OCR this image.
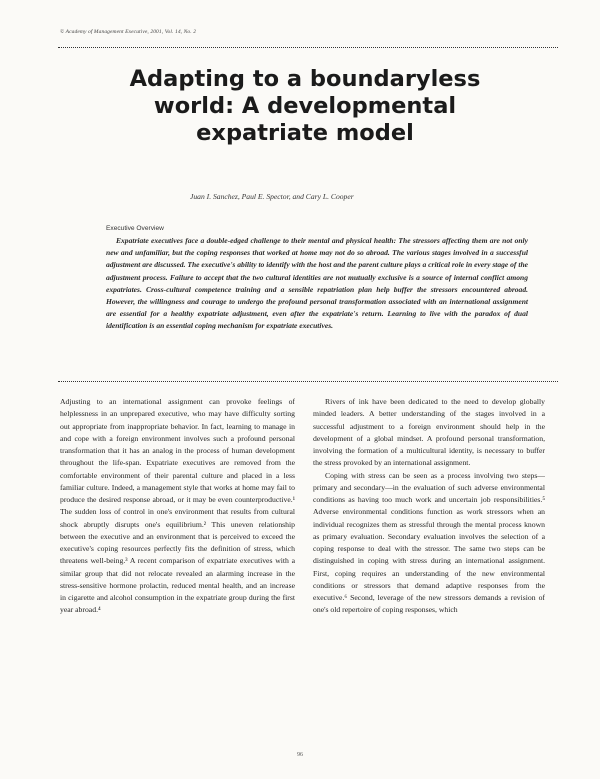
© Academy of Management Executive, 2001, Vol. 14, No. 2
Adapting to a boundaryless
world: A developmental
expatriate model
Juan I. Sanchez, Paul E. Spector, and Cary L. Cooper
Executive Overview
Expatriate executives face a double-edged challenge to their mental and physical health: The stressors affecting them are not only new and unfamiliar, but the coping responses that worked at home may not do so abroad. The various stages involved in a successful adjustment are discussed. The executive's ability to identify with the host and the parent culture plays a critical role in every stage of the adjustment process. Failure to accept that the two cultural identities are not mutually exclusive is a source of internal conflict among expatriates. Cross-cultural competence training and a sensible repatriation plan help buffer the stressors encountered abroad. However, the willingness and courage to undergo the profound personal transformation associated with an international assignment are essential for a healthy expatriate adjustment, even after the expatriate's return. Learning to live with the paradox of dual identification is an essential coping mechanism for expatriate executives.

Adjusting to an international assignment can provoke feelings of helplessness in an unprepared executive, who may have difficulty sorting out appropriate from inappropriate behavior. In fact, learning to manage in and cope with a foreign environment involves such a profound personal transformation that it has an analog in the process of human development throughout the life-span. Expatriate executives are removed from the comfortable environment of their parental culture and placed in a less familiar culture. Indeed, a management style that works at home may fail to produce the desired response abroad, or it may be even counterproductive.¹ The sudden loss of control in one's environment that results from cultural shock abruptly disrupts one's equilibrium.² This uneven relationship between the executive and an environment that is perceived to exceed the executive's coping resources perfectly fits the definition of stress, which threatens well-being.³ A recent comparison of expatriate executives with a similar group that did not relocate revealed an alarming increase in the stress-sensitive hormone prolactin, reduced mental health, and an increase in cigarette and alcohol consumption in the expatriate group during the first year abroad.⁴

Rivers of ink have been dedicated to the need to develop globally minded leaders. A better understanding of the stages involved in a successful adjustment to a foreign environment should help in the development of a global mindset. A profound personal transformation, involving the formation of a multicultural identity, is necessary to buffer the stress provoked by an international assignment.

Coping with stress can be seen as a process involving two steps—primary and secondary—in the evaluation of such adverse environmental conditions as having too much work and uncertain job responsibilities.⁵ Adverse environmental conditions function as work stressors when an individual recognizes them as stressful through the mental process known as primary evaluation. Secondary evaluation involves the selection of a coping response to deal with the stressor. The same two steps can be distinguished in coping with stress during an international assignment. First, coping requires an understanding of the new environmental conditions or stressors that demand adaptive responses from the executive.⁶ Second, leverage of the new stressors demands a revision of one's old repertoire of coping responses, which

96
